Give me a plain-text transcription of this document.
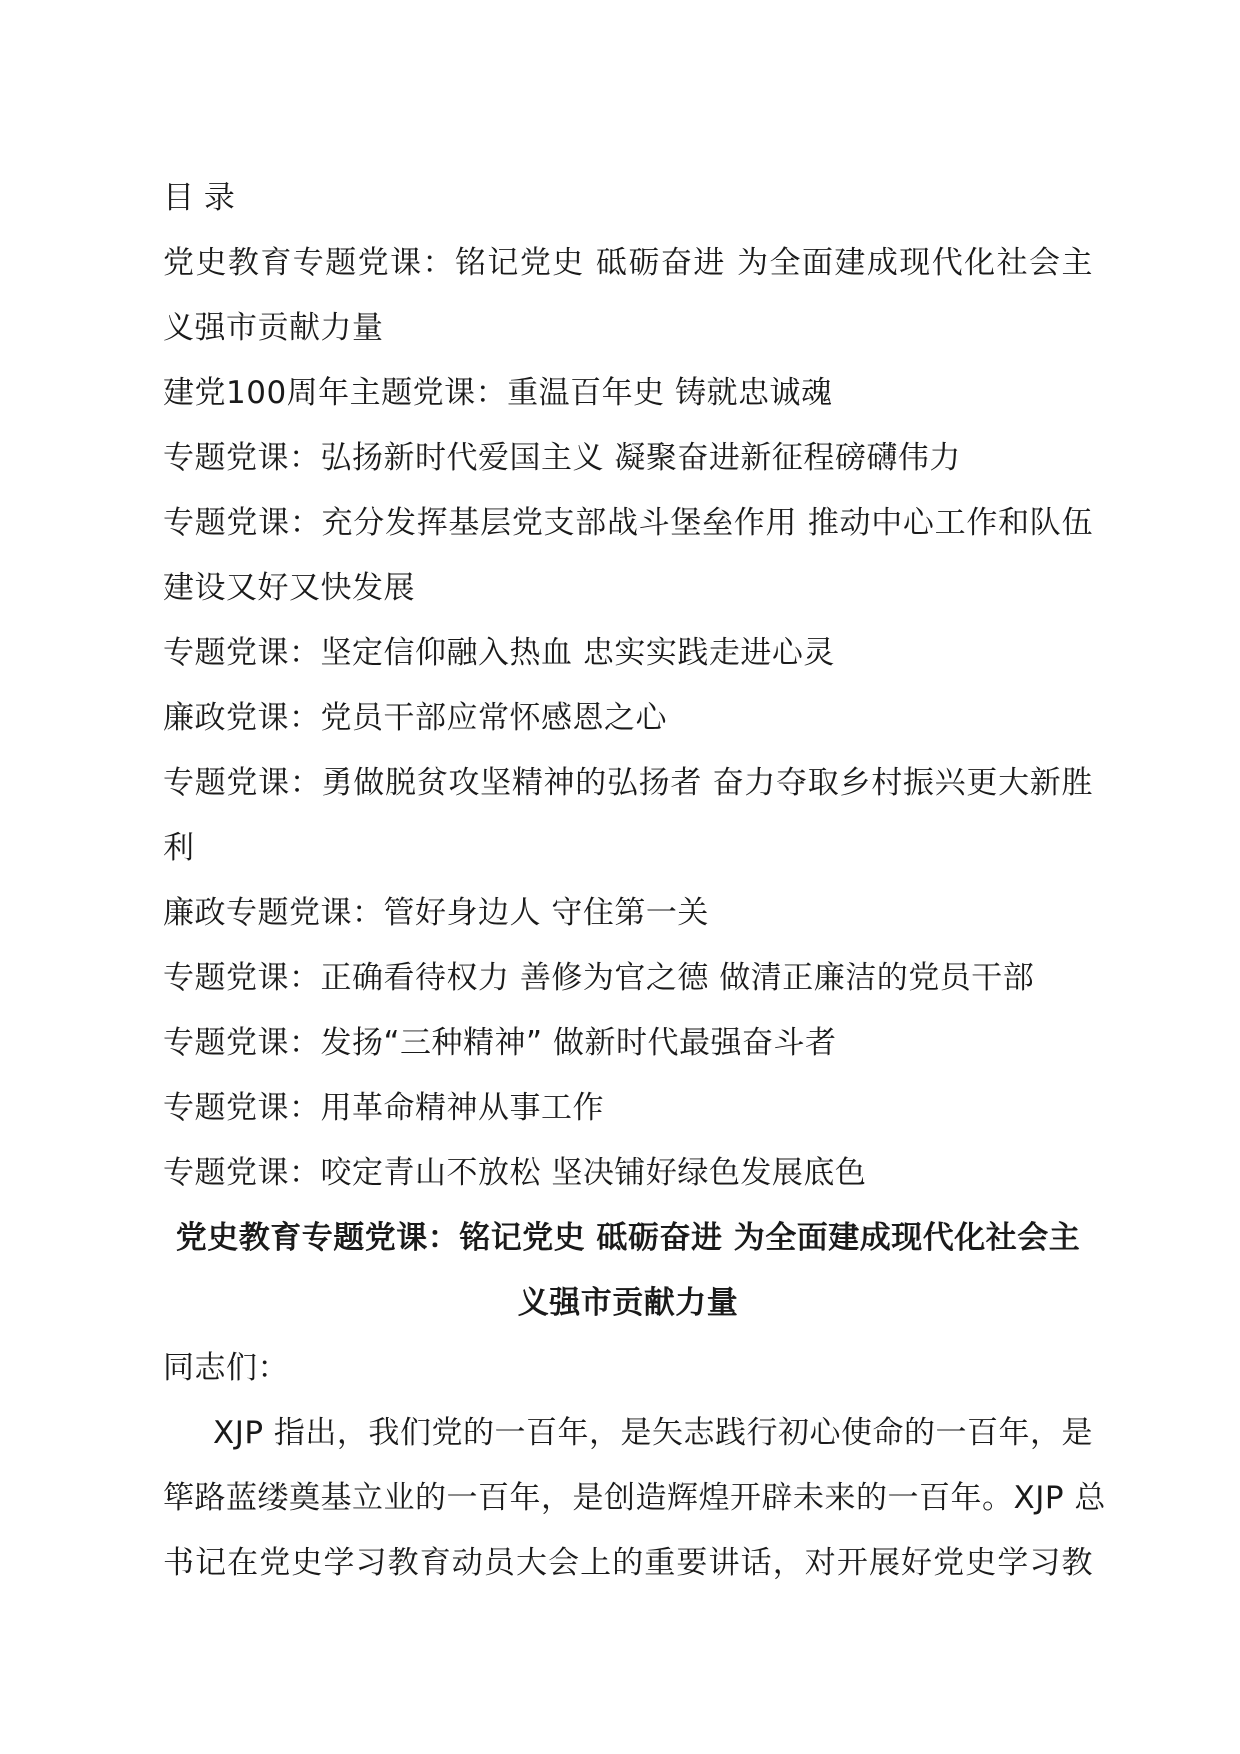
目 录
党史教育专题党课：铭记党史 砥砺奋进 为全面建成现代化社会主
义强市贡献力量
建党100周年主题党课：重温百年史 铸就忠诚魂
专题党课：弘扬新时代爱国主义 凝聚奋进新征程磅礴伟力
专题党课：充分发挥基层党支部战斗堡垒作用 推动中心工作和队伍
建设又好又快发展
专题党课：坚定信仰融入热血 忠实实践走进心灵
廉政党课：党员干部应常怀感恩之心
专题党课：勇做脱贫攻坚精神的弘扬者 奋力夺取乡村振兴更大新胜
利
廉政专题党课：管好身边人 守住第一关
专题党课：正确看待权力 善修为官之德 做清正廉洁的党员干部
专题党课：发扬“三种精神” 做新时代最强奋斗者
专题党课：用革命精神从事工作
专题党课：咬定青山不放松 坚决铺好绿色发展底色
党史教育专题党课：铭记党史 砥砺奋进 为全面建成现代化社会主
义强市贡献力量
同志们：
XJP 指出，我们党的一百年，是矢志践行初心使命的一百年，是
筚路蓝缕奠基立业的一百年，是创造辉煌开辟未来的一百年。XJP 总
书记在党史学习教育动员大会上的重要讲话，对开展好党史学习教
